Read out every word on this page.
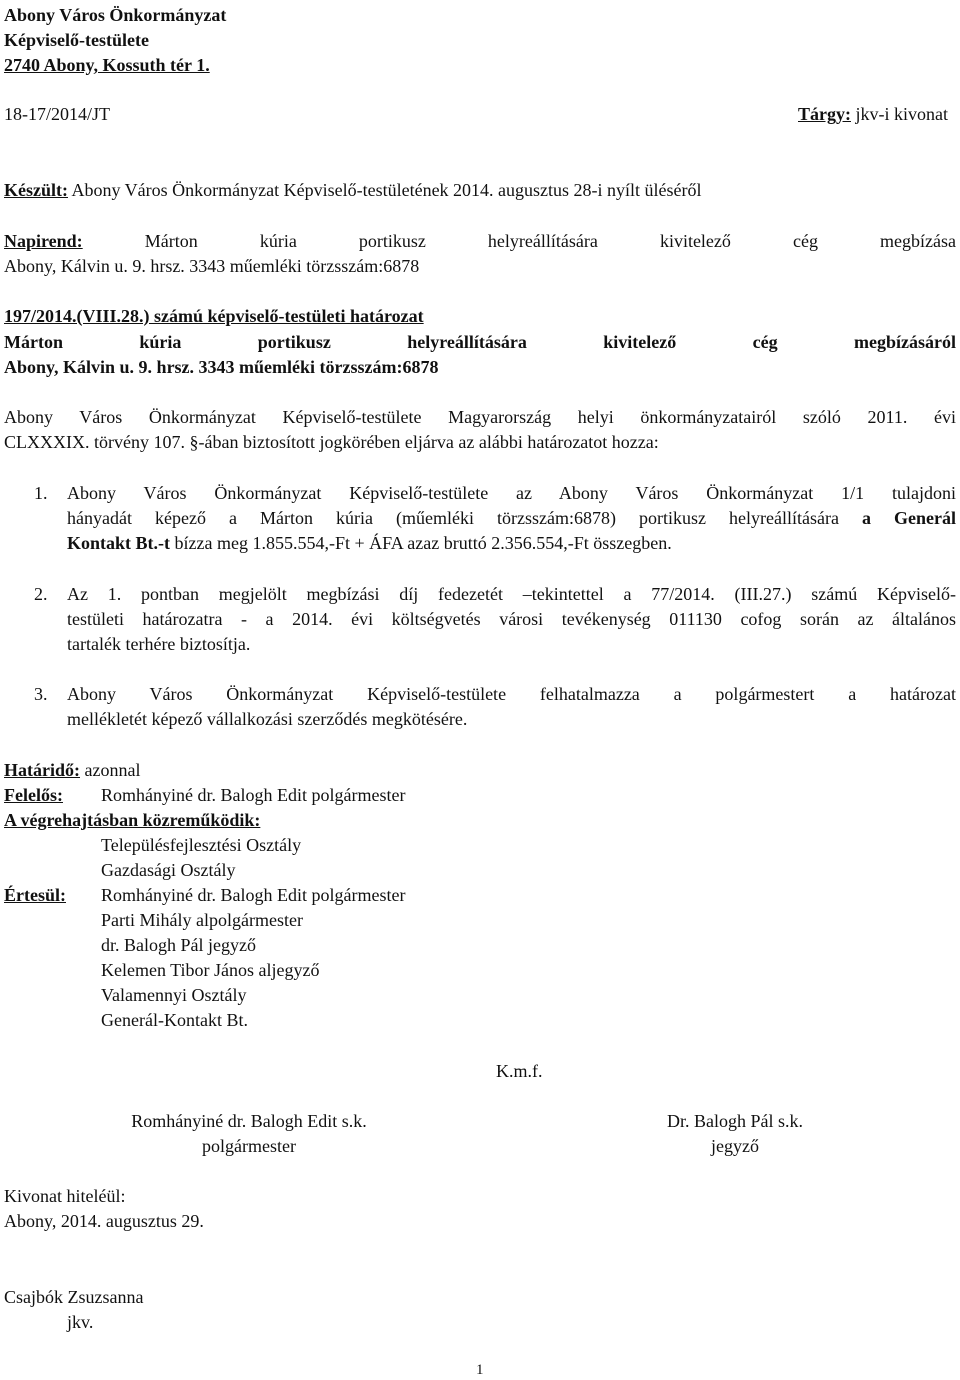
Abony Város Önkormányzat
Képviselő-testülete
2740 Abony, Kossuth tér 1.
18-17/2014/JT	Tárgy: jkv-i kivonat
Készült: Abony Város Önkormányzat Képviselő-testületének 2014. augusztus 28-i nyílt üléséről
Napirend: Márton kúria portikusz helyreállítására kivitelező cég megbízása
Abony, Kálvin u. 9. hrsz. 3343 műemléki törzsszám:6878
197/2014.(VIII.28.) számú képviselő-testületi határozat
Márton kúria portikusz helyreállítására kivitelező cég megbízásáról
Abony, Kálvin u. 9. hrsz. 3343 műemléki törzsszám:6878
Abony Város Önkormányzat Képviselő-testülete Magyarország helyi önkormányzatairól szóló 2011. évi
CLXXXIX. törvény 107. §-ában biztosított jogkörében eljárva az alábbi határozatot hozza:
1. Abony Város Önkormányzat Képviselő-testülete az Abony Város Önkormányzat 1/1 tulajdoni
hányadát képező a Márton kúria (műemléki törzsszám:6878) portikusz helyreállítására a Generál
Kontakt Bt.-t bízza meg 1.855.554,-Ft + ÁFA azaz bruttó 2.356.554,-Ft összegben.
2. Az 1. pontban megjelölt megbízási díj fedezetét –tekintettel a 77/2014. (III.27.) számú Képviselő-
testületi határozatra - a 2014. évi költségvetés városi tevékenység 011130 cofog során az általános
tartalék terhére biztosítja.
3. Abony Város Önkormányzat Képviselő-testülete felhatalmazza a polgármestert a határozat
mellékletét képező vállalkozási szerződés megkötésére.
Határidő: azonnal
Felelős: Romhányiné dr. Balogh Edit polgármester
A végrehajtásban közreműködik:
Településfejlesztési Osztály
Gazdasági Osztály
Értesül: Romhányiné dr. Balogh Edit polgármester
Parti Mihály alpolgármester
dr. Balogh Pál jegyző
Kelemen Tibor János aljegyző
Valamennyi Osztály
Generál-Kontakt Bt.
K.m.f.
Romhányiné dr. Balogh Edit s.k.
polgármester
Dr. Balogh Pál s.k.
jegyző
Kivonat hiteléül:
Abony, 2014. augusztus 29.
Csajbók Zsuzsanna
jkv.
1
